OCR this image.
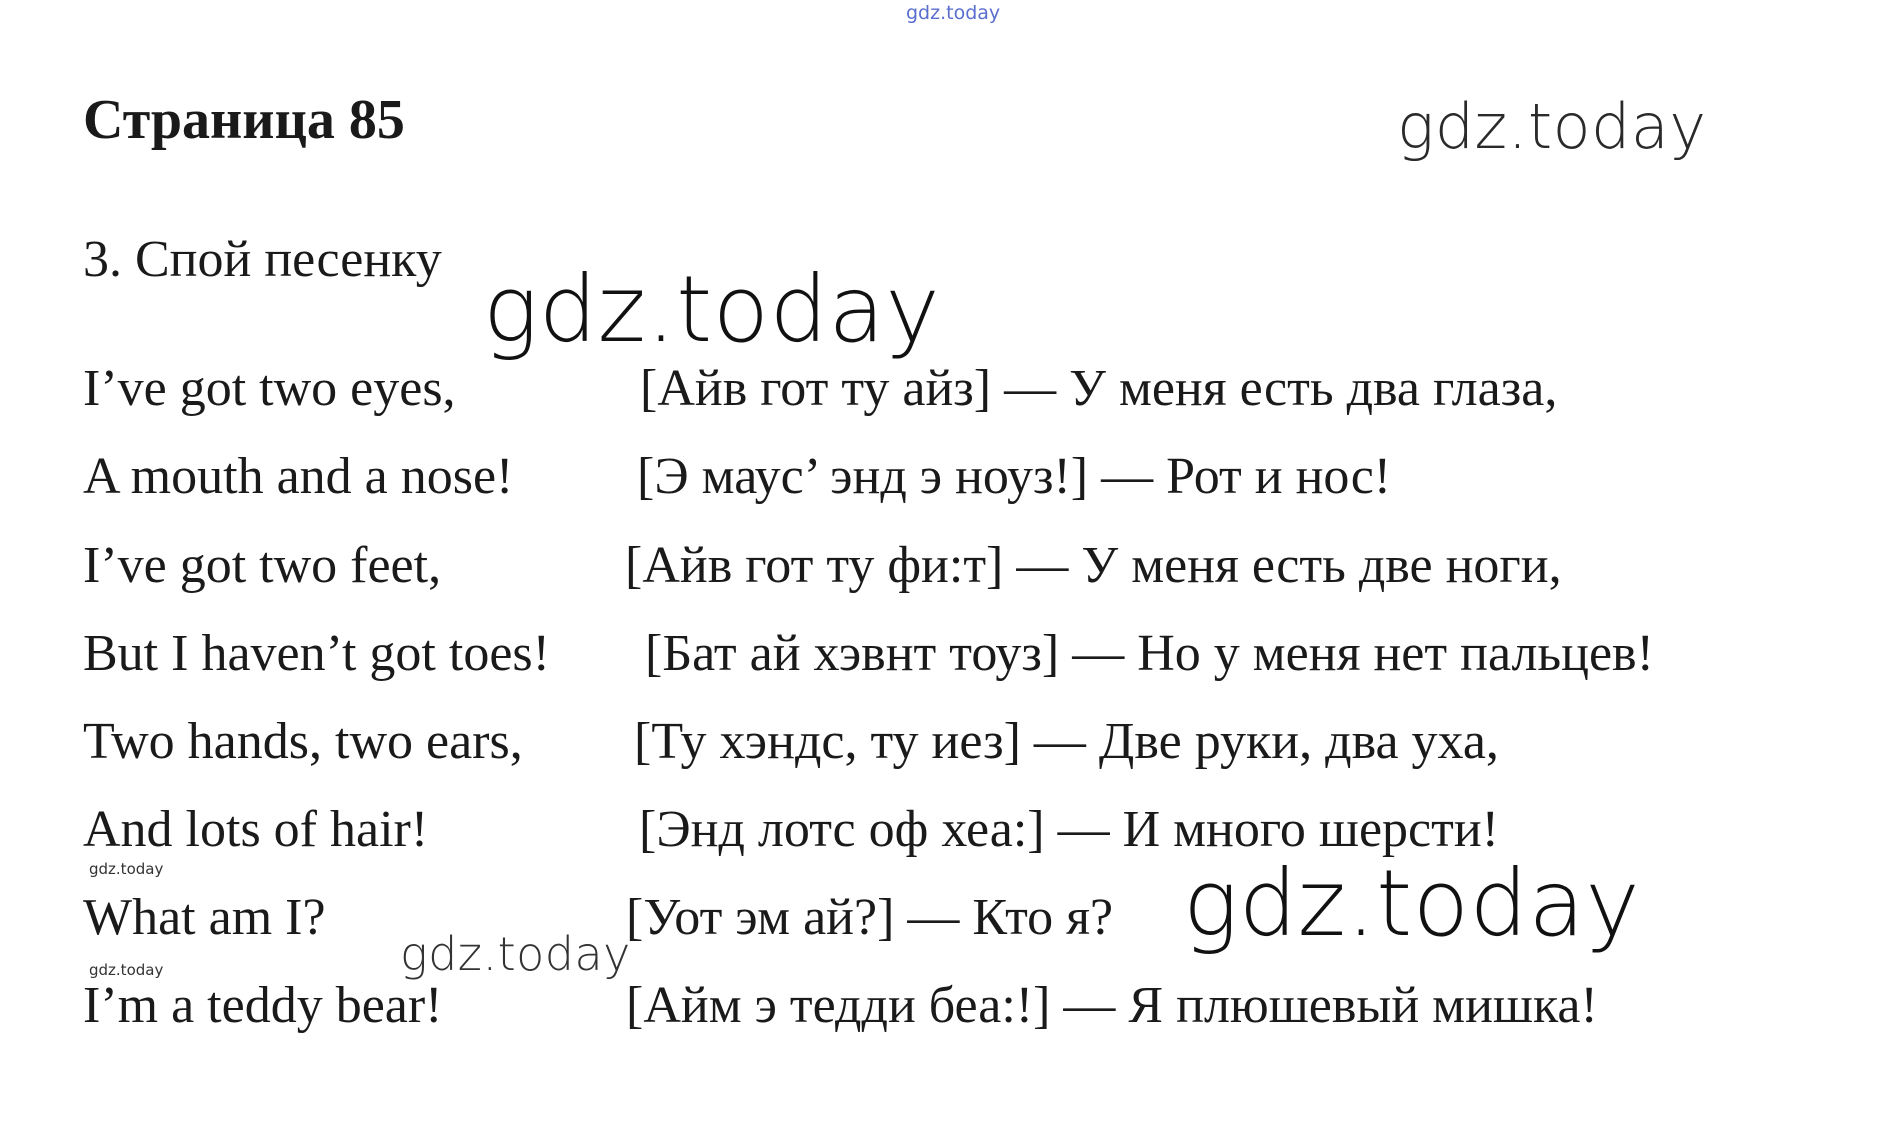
gdz.today
gdz.today
Страница 85
3. Спой песенку gdz.today
I’ve got two eyes,	[Айв гот ту айз] — У меня есть два глаза,
A mouth and a nose! [Э маус’ энд э ноуз!] — Рот и нос!
I’ve got two feet,	[Айв гот ту фи:т] — У меня есть две ноги,
But I haven’t got toes! [Бат ай хэвнт тоуз] — Но у меня нет пальцев!
Two hands, two ears, [Ту хэндс, ту иез] — Две руки, два уха,
And lots of hair!	[Энд лотс оф хеа:] — И много шерсти!
What am I?	[Уот эм ай?] — Кто я?
I’m a teddy bear!	[Айм э тедди беа:!] — Я плюшевый мишка!
gdz.today
gdz.today
gdz.today
gdz.today
